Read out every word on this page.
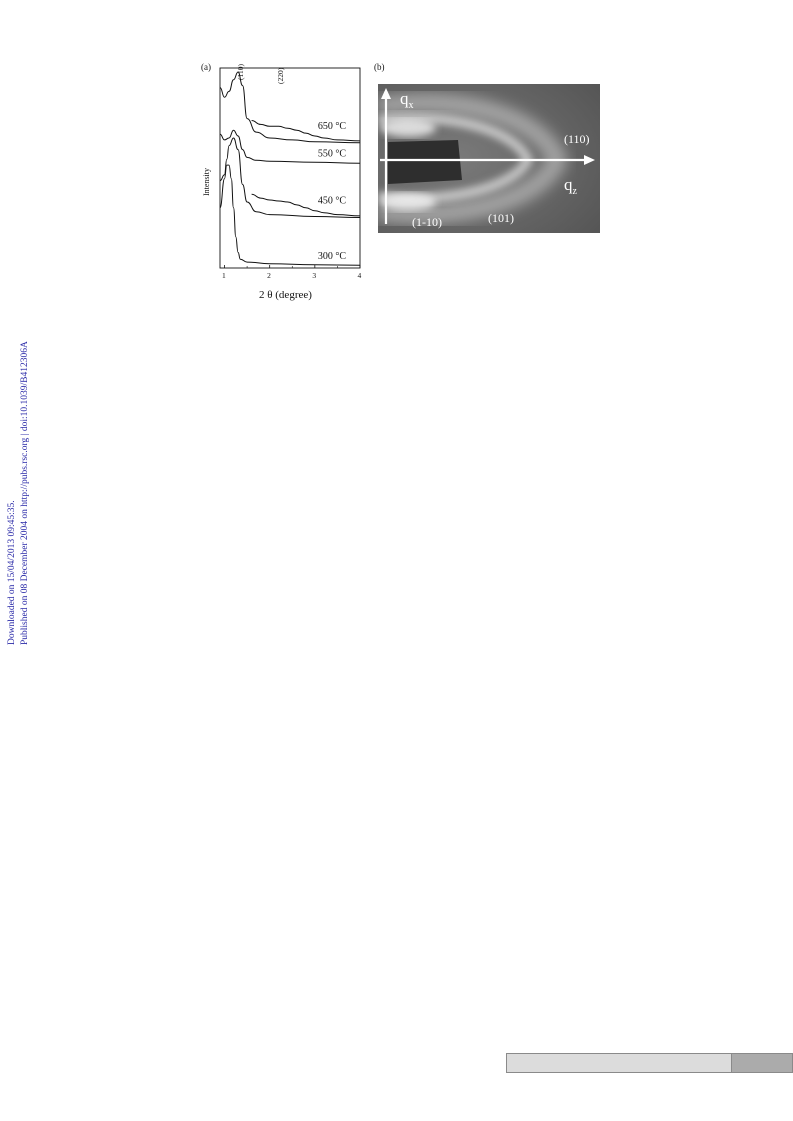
Downloaded on 15/04/2013 09:45:35. Published on 08 December 2004 on http://pubs.rsc.org | doi:10.1039/B412306A
(a)	(110)	(220)
Intensity
2 θ (degree)
1	2	3	4
650 °C
550 °C
450 °C
300 °C
(b)
$q_x$
$q_z$
(110)
(1-10)	(101)
